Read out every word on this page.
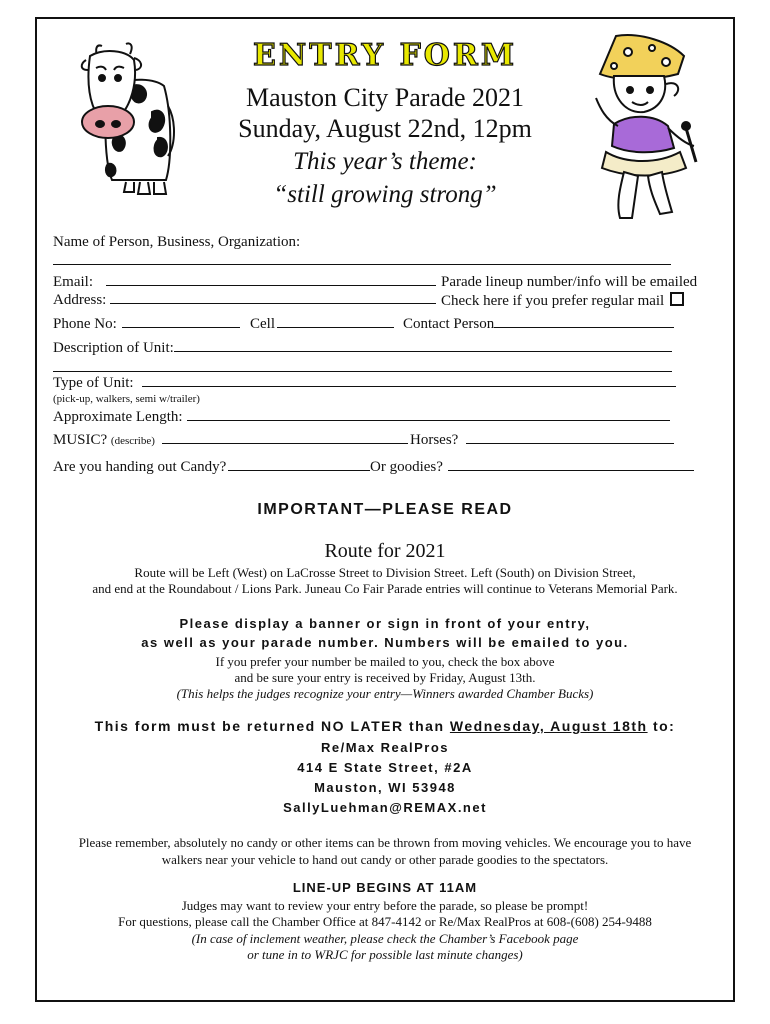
ENTRY FORM
Mauston City Parade 2021
Sunday, August 22nd, 12pm
This year’s theme:
“still growing strong”
Name of Person, Business, Organization:
Email:	Parade lineup number/info will be emailed
Address:	Check here if you prefer regular mail
Phone No:	Cell	Contact Person
Description of Unit:
Type of Unit:
(pick-up, walkers, semi w/trailer)
Approximate Length:
MUSIC? (describe)	Horses?
Are you handing out Candy?	Or goodies?
IMPORTANT—PLEASE READ
Route for 2021
Route will be Left (West) on LaCrosse Street to Division Street. Left (South) on Division Street,
and end at the Roundabout / Lions Park. Juneau Co Fair Parade entries will continue to Veterans Memorial Park.
Please display a banner or sign in front of your entry,
as well as your parade number. Numbers will be emailed to you.
If you prefer your number be mailed to you, check the box above
and be sure your entry is received by Friday, August 13th.
(This helps the judges recognize your entry—Winners awarded Chamber Bucks)
This form must be returned NO LATER than Wednesday, August 18th to:
Re/Max RealPros
414 E State Street, #2A
Mauston, WI 53948
SallyLuehman@REMAX.net
Please remember, absolutely no candy or other items can be thrown from moving vehicles. We encourage you to have
walkers near your vehicle to hand out candy or other parade goodies to the spectators.
LINE-UP BEGINS AT 11AM
Judges may want to review your entry before the parade, so please be prompt!
For questions, please call the Chamber Office at 847-4142 or Re/Max RealPros at 608-(608) 254-9488
(In case of inclement weather, please check the Chamber’s Facebook page
or tune in to WRJC for possible last minute changes)
